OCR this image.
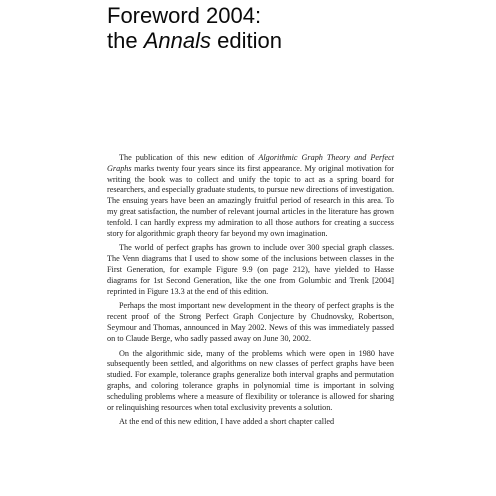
Foreword 2004:
the Annals edition

The publication of this new edition of Algorithmic Graph Theory and Perfect Graphs marks twenty four years since its first appearance. My original motivation for writing the book was to collect and unify the topic to act as a spring board for researchers, and especially graduate students, to pursue new directions of investigation. The ensuing years have been an amazingly fruitful period of research in this area. To my great satisfaction, the number of relevant journal articles in the literature has grown tenfold. I can hardly express my admiration to all those authors for creating a success story for algorithmic graph theory far beyond my own imagination.

The world of perfect graphs has grown to include over 300 special graph classes. The Venn diagrams that I used to show some of the inclusions between classes in the First Generation, for example Figure 9.9 (on page 212), have yielded to Hasse diagrams for 1st Second Generation, like the one from Golumbic and Trenk [2004] reprinted in Figure 13.3 at the end of this edition.

Perhaps the most important new development in the theory of perfect graphs is the recent proof of the Strong Perfect Graph Conjecture by Chudnovsky, Robertson, Seymour and Thomas, announced in May 2002. News of this was immediately passed on to Claude Berge, who sadly passed away on June 30, 2002.

On the algorithmic side, many of the problems which were open in 1980 have subsequently been settled, and algorithms on new classes of perfect graphs have been studied. For example, tolerance graphs generalize both interval graphs and permutation graphs, and coloring tolerance graphs in polynomial time is important in solving scheduling problems where a measure of flexibility or tolerance is allowed for sharing or relinquishing resources when total exclusivity prevents a solution.

At the end of this new edition, I have added a short chapter called
